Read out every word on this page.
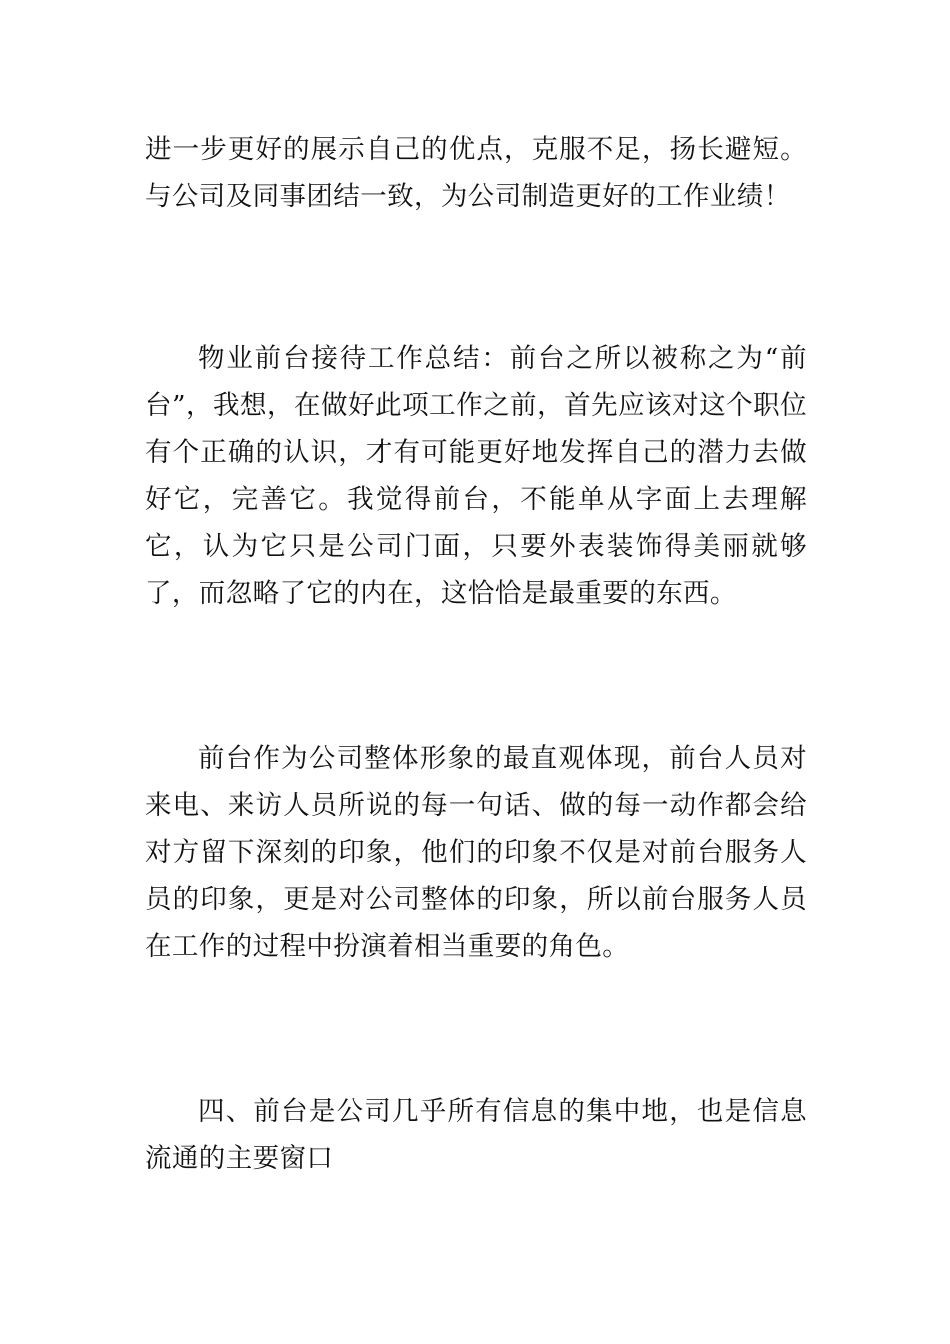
进一步更好的展示自己的优点，克服不足，扬长避短。与公司及同事团结一致，为公司制造更好的工作业绩！

物业前台接待工作总结：前台之所以被称之为“前台”，我想，在做好此项工作之前，首先应该对这个职位有个正确的认识，才有可能更好地发挥自己的潜力去做好它，完善它。我觉得前台，不能单从字面上去理解它，认为它只是公司门面，只要外表装饰得美丽就够了，而忽略了它的内在，这恰恰是最重要的东西。

前台作为公司整体形象的最直观体现，前台人员对来电、来访人员所说的每一句话、做的每一动作都会给对方留下深刻的印象，他们的印象不仅是对前台服务人员的印象，更是对公司整体的印象，所以前台服务人员在工作的过程中扮演着相当重要的角色。

四、前台是公司几乎所有信息的集中地，也是信息流通的主要窗口
